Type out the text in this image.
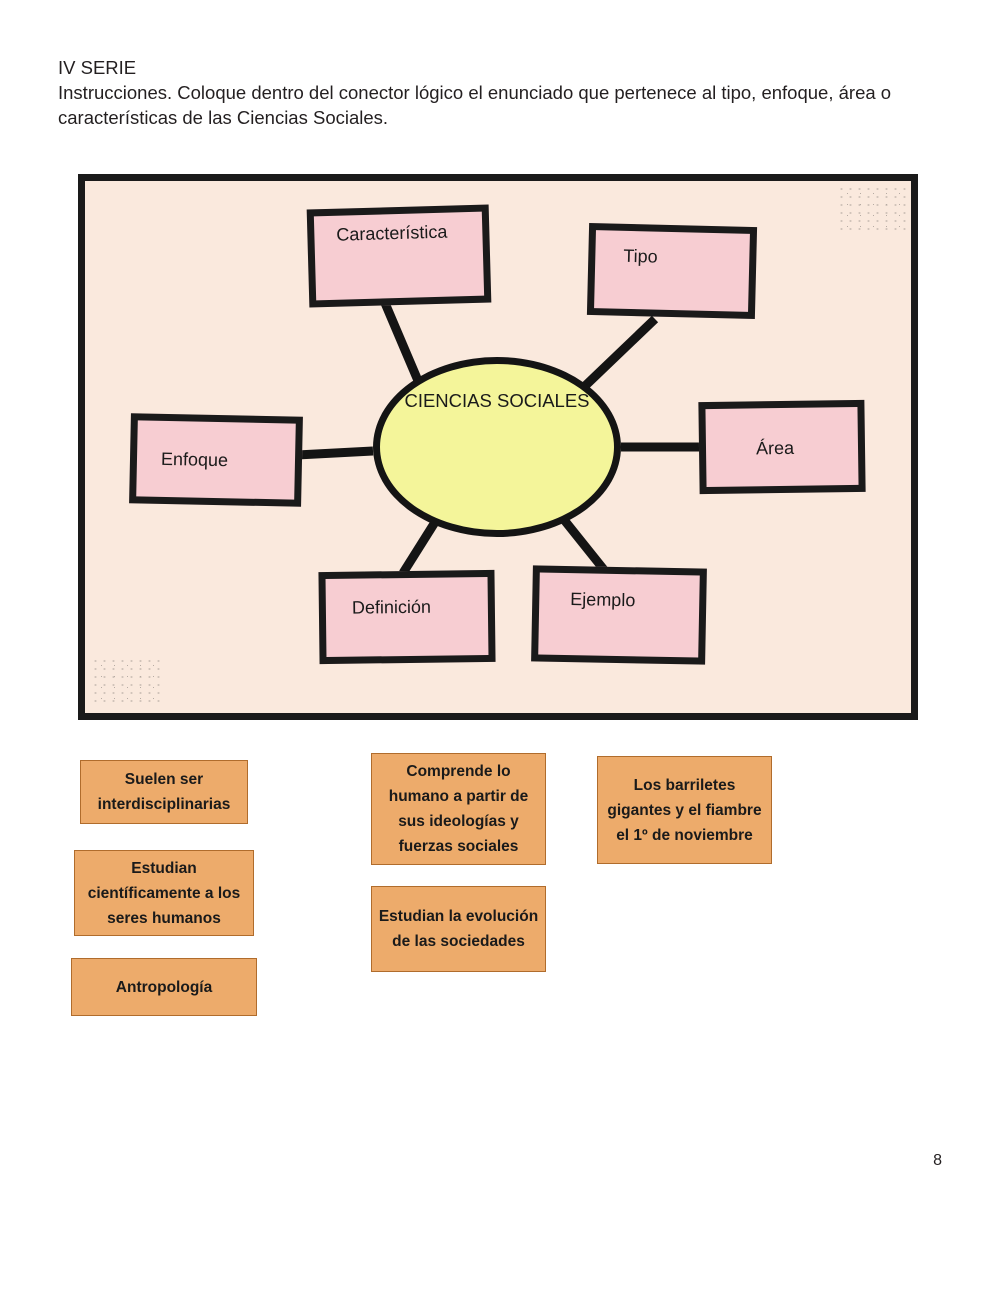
IV SERIE
Instrucciones. Coloque dentro del conector lógico el enunciado que pertenece al tipo, enfoque, área o características de las Ciencias Sociales.
CIENCIAS SOCIALES
Característica
Tipo
Enfoque
Área
Definición	Ejemplo
Suelen ser interdisciplinarias
Estudian científicamente a los seres humanos
Antropología
Comprende lo humano a partir de sus ideologías y fuerzas sociales
Estudian la evolución de las sociedades
Los barriletes gigantes y el fiambre el 1º de noviembre
8
